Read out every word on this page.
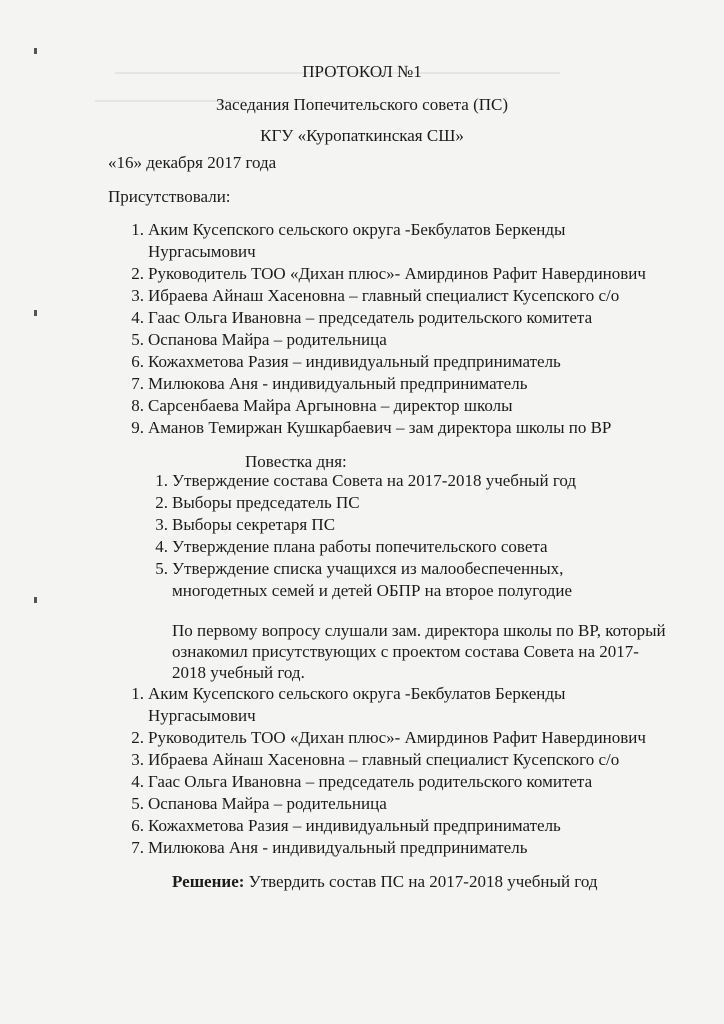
ПРОТОКОЛ №1
Заседания Попечительского совета (ПС)
КГУ «Куропаткинская СШ»
«16» декабря 2017 года
Присутствовали:
1. Аким Кусепского сельского округа -Бекбулатов Беркенды Нургасымович
2. Руководитель ТОО «Дихан плюс»- Амирдинов Рафит Навердинович
3. Ибраева Айнаш Хасеновна – главный специалист Кусепского с/о
4. Гаас Ольга Ивановна – председатель родительского комитета
5. Оспанова Майра – родительница
6. Кожахметова Разия – индивидуальный предприниматель
7. Милюкова Аня - индивидуальный предприниматель
8. Сарсенбаева Майра Аргыновна – директор школы
9. Аманов Темиржан Кушкарбаевич – зам директора школы по ВР
Повестка дня:
1. Утверждение состава Совета на 2017-2018 учебный год
2. Выборы председатель ПС
3. Выборы секретаря ПС
4. Утверждение плана работы попечительского совета
5. Утверждение списка учащихся из малообеспеченных, многодетных семей и детей ОБПР на второе полугодие
По первому вопросу слушали зам. директора школы по ВР, который ознакомил присутствующих с проектом состава Совета на 2017-2018 учебный год.
1. Аким Кусепского сельского округа -Бекбулатов Беркенды Нургасымович
2. Руководитель ТОО «Дихан плюс»- Амирдинов Рафит Навердинович
3. Ибраева Айнаш Хасеновна – главный специалист Кусепского с/о
4. Гаас Ольга Ивановна – председатель родительского комитета
5. Оспанова Майра – родительница
6. Кожахметова Разия – индивидуальный предприниматель
7. Милюкова Аня - индивидуальный предприниматель
Решение: Утвердить состав ПС на 2017-2018 учебный год
